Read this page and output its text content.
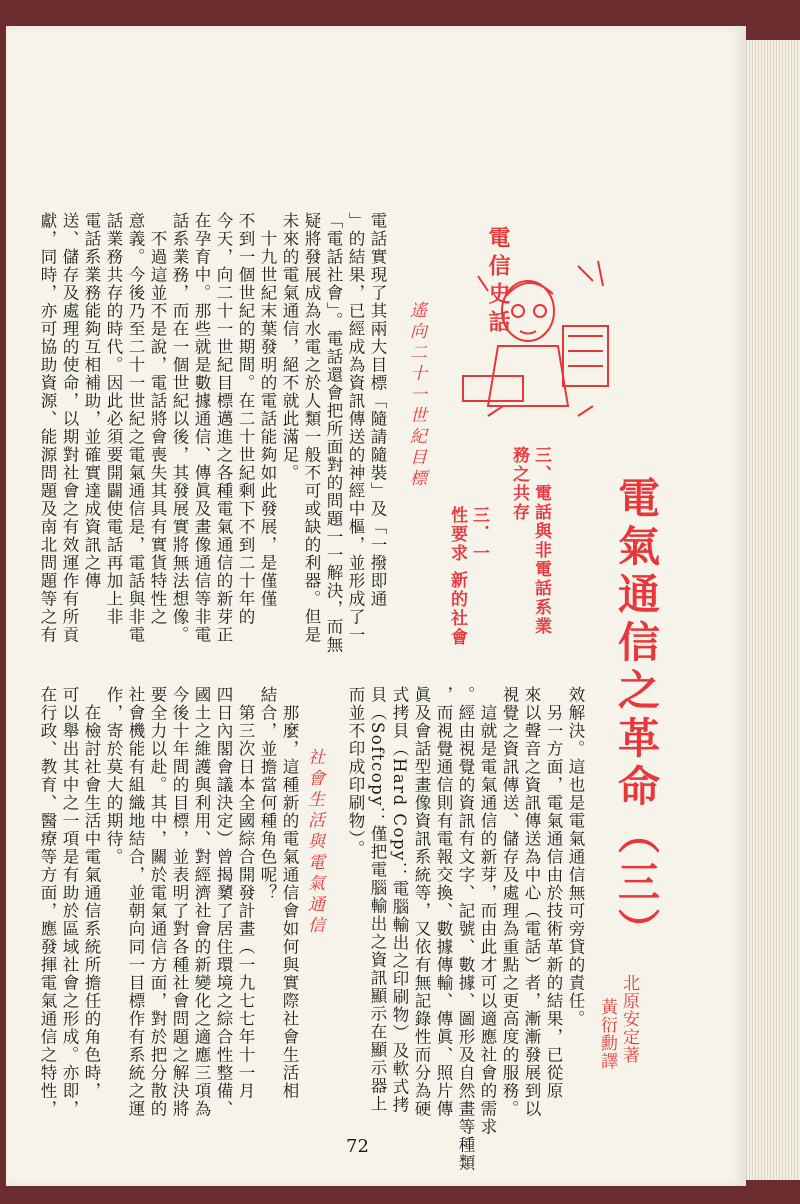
電信史話
遙向二十一世紀目標
三、電話與非電話系業
務之共存
三．一
性要求
新的社會	電氣通信之革命（三）
北原安定著
黃衍勳譯
電話實現了其兩大目標「隨請隨裝」及「一撥即通
」的結果，已經成為資訊傳送的神經中樞，並形成了一
「電話社會」。電話還會把所面對的問題一一解決，而無
疑將發展成為水電之於人類一般不可或缺的利器。但是
未來的電氣通信，絕不就此滿足。
　十九世紀末葉發明的電話能夠如此發展，是僅僅
不到一個世紀的期間。在二十世紀剩下不到二十年的
今天，向二十一世紀目標邁進之各種電氣通信的新芽正
在孕育中。那些就是數據通信、傳眞及畫像通信等非電
話系業務，而在一個世紀以後，其發展實將無法想像。
　不過這並不是說，電話將會喪失其具有實貨特性之
意義。今後乃至二十一世紀之電氣通信是，電話與非電
話業務共存的時代。因此必須要開闢使電話再加上非
電話系業務能夠互相補助，並確實達成資訊之傳
送、儲存及處理的使命，以期對社會之有效運作有所貢
獻，同時，亦可協助資源、能源問題及南北問題等之有
效解決。這也是電氣通信無可旁貸的責任。
　另一方面，電氣通信由於技術革新的結果，已從原
來以聲音之資訊傳送為中心（電話）者，漸漸發展到以
視覺之資訊傳送、儲存及處理為重點之更高度的服務。
　這就是電氣通信的新芽，而由此才可以適應社會的需求
。經由視覺的資訊有文字、記號、數據、圖形及自然畫等種類
，而視覺通信則有電報交換、數據傳輸、傳眞、照片傳
眞及會話型畫像資訊系統等，又依有無記錄性而分為硬
式拷貝（Hard Copy：電腦輸出之印刷物）及軟式拷
貝（Softcopy：僅把電腦輸出之資訊顯示在顯示器上
而並不印成印刷物）。

　那麼，這種新的電氣通信會如何與實際社會生活相
結合，並擔當何種角色呢？
　第三次日本全國綜合開發計畫（一九七七年十一月
四日內閣會議決定）曾揭櫫了居住環境之綜合性整備、
國土之維護與利用、對經濟社會的新變化之適應三項為
今後十年間的目標，並表明了對各種社會問題之解決將
要全力以赴。其中，關於電氣通信方面，對於把分散的
社會機能有組織地結合，並朝向同一目標作有系統之運
作，寄於莫大的期待。
　在檢討社會生活中電氣通信系統所擔任的角色時，
可以舉出其中之一項是有助於區域社會之形成。亦即，
在行政、教育、醫療等方面，應發揮電氣通信之特性，	社會生活與電氣通信
72
